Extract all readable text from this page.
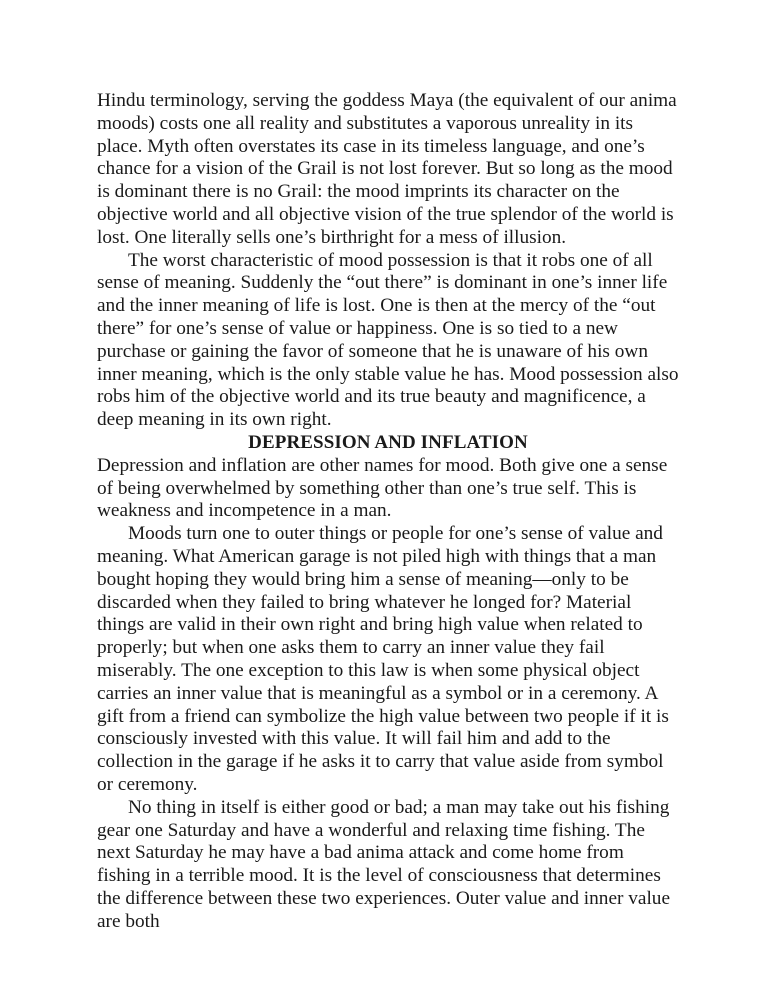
Hindu terminology, serving the goddess Maya (the equivalent of our anima moods) costs one all reality and substitutes a vaporous unreality in its place. Myth often overstates its case in its timeless language, and one’s chance for a vision of the Grail is not lost forever. But so long as the mood is dominant there is no Grail: the mood imprints its character on the objective world and all objective vision of the true splendor of the world is lost. One literally sells one’s birthright for a mess of illusion.

The worst characteristic of mood possession is that it robs one of all sense of meaning. Suddenly the “out there” is dominant in one’s inner life and the inner meaning of life is lost. One is then at the mercy of the “out there” for one’s sense of value or happiness. One is so tied to a new purchase or gaining the favor of someone that he is unaware of his own inner meaning, which is the only stable value he has. Mood possession also robs him of the objective world and its true beauty and magnificence, a deep meaning in its own right.

DEPRESSION AND INFLATION

Depression and inflation are other names for mood. Both give one a sense of being overwhelmed by something other than one’s true self. This is weakness and incompetence in a man.

Moods turn one to outer things or people for one’s sense of value and meaning. What American garage is not piled high with things that a man bought hoping they would bring him a sense of meaning—only to be discarded when they failed to bring whatever he longed for? Material things are valid in their own right and bring high value when related to properly; but when one asks them to carry an inner value they fail miserably. The one exception to this law is when some physical object carries an inner value that is meaningful as a symbol or in a ceremony. A gift from a friend can symbolize the high value between two people if it is consciously invested with this value. It will fail him and add to the collection in the garage if he asks it to carry that value aside from symbol or ceremony.

No thing in itself is either good or bad; a man may take out his fishing gear one Saturday and have a wonderful and relaxing time fishing. The next Saturday he may have a bad anima attack and come home from fishing in a terrible mood. It is the level of consciousness that determines the difference between these two experiences. Outer value and inner value are both
